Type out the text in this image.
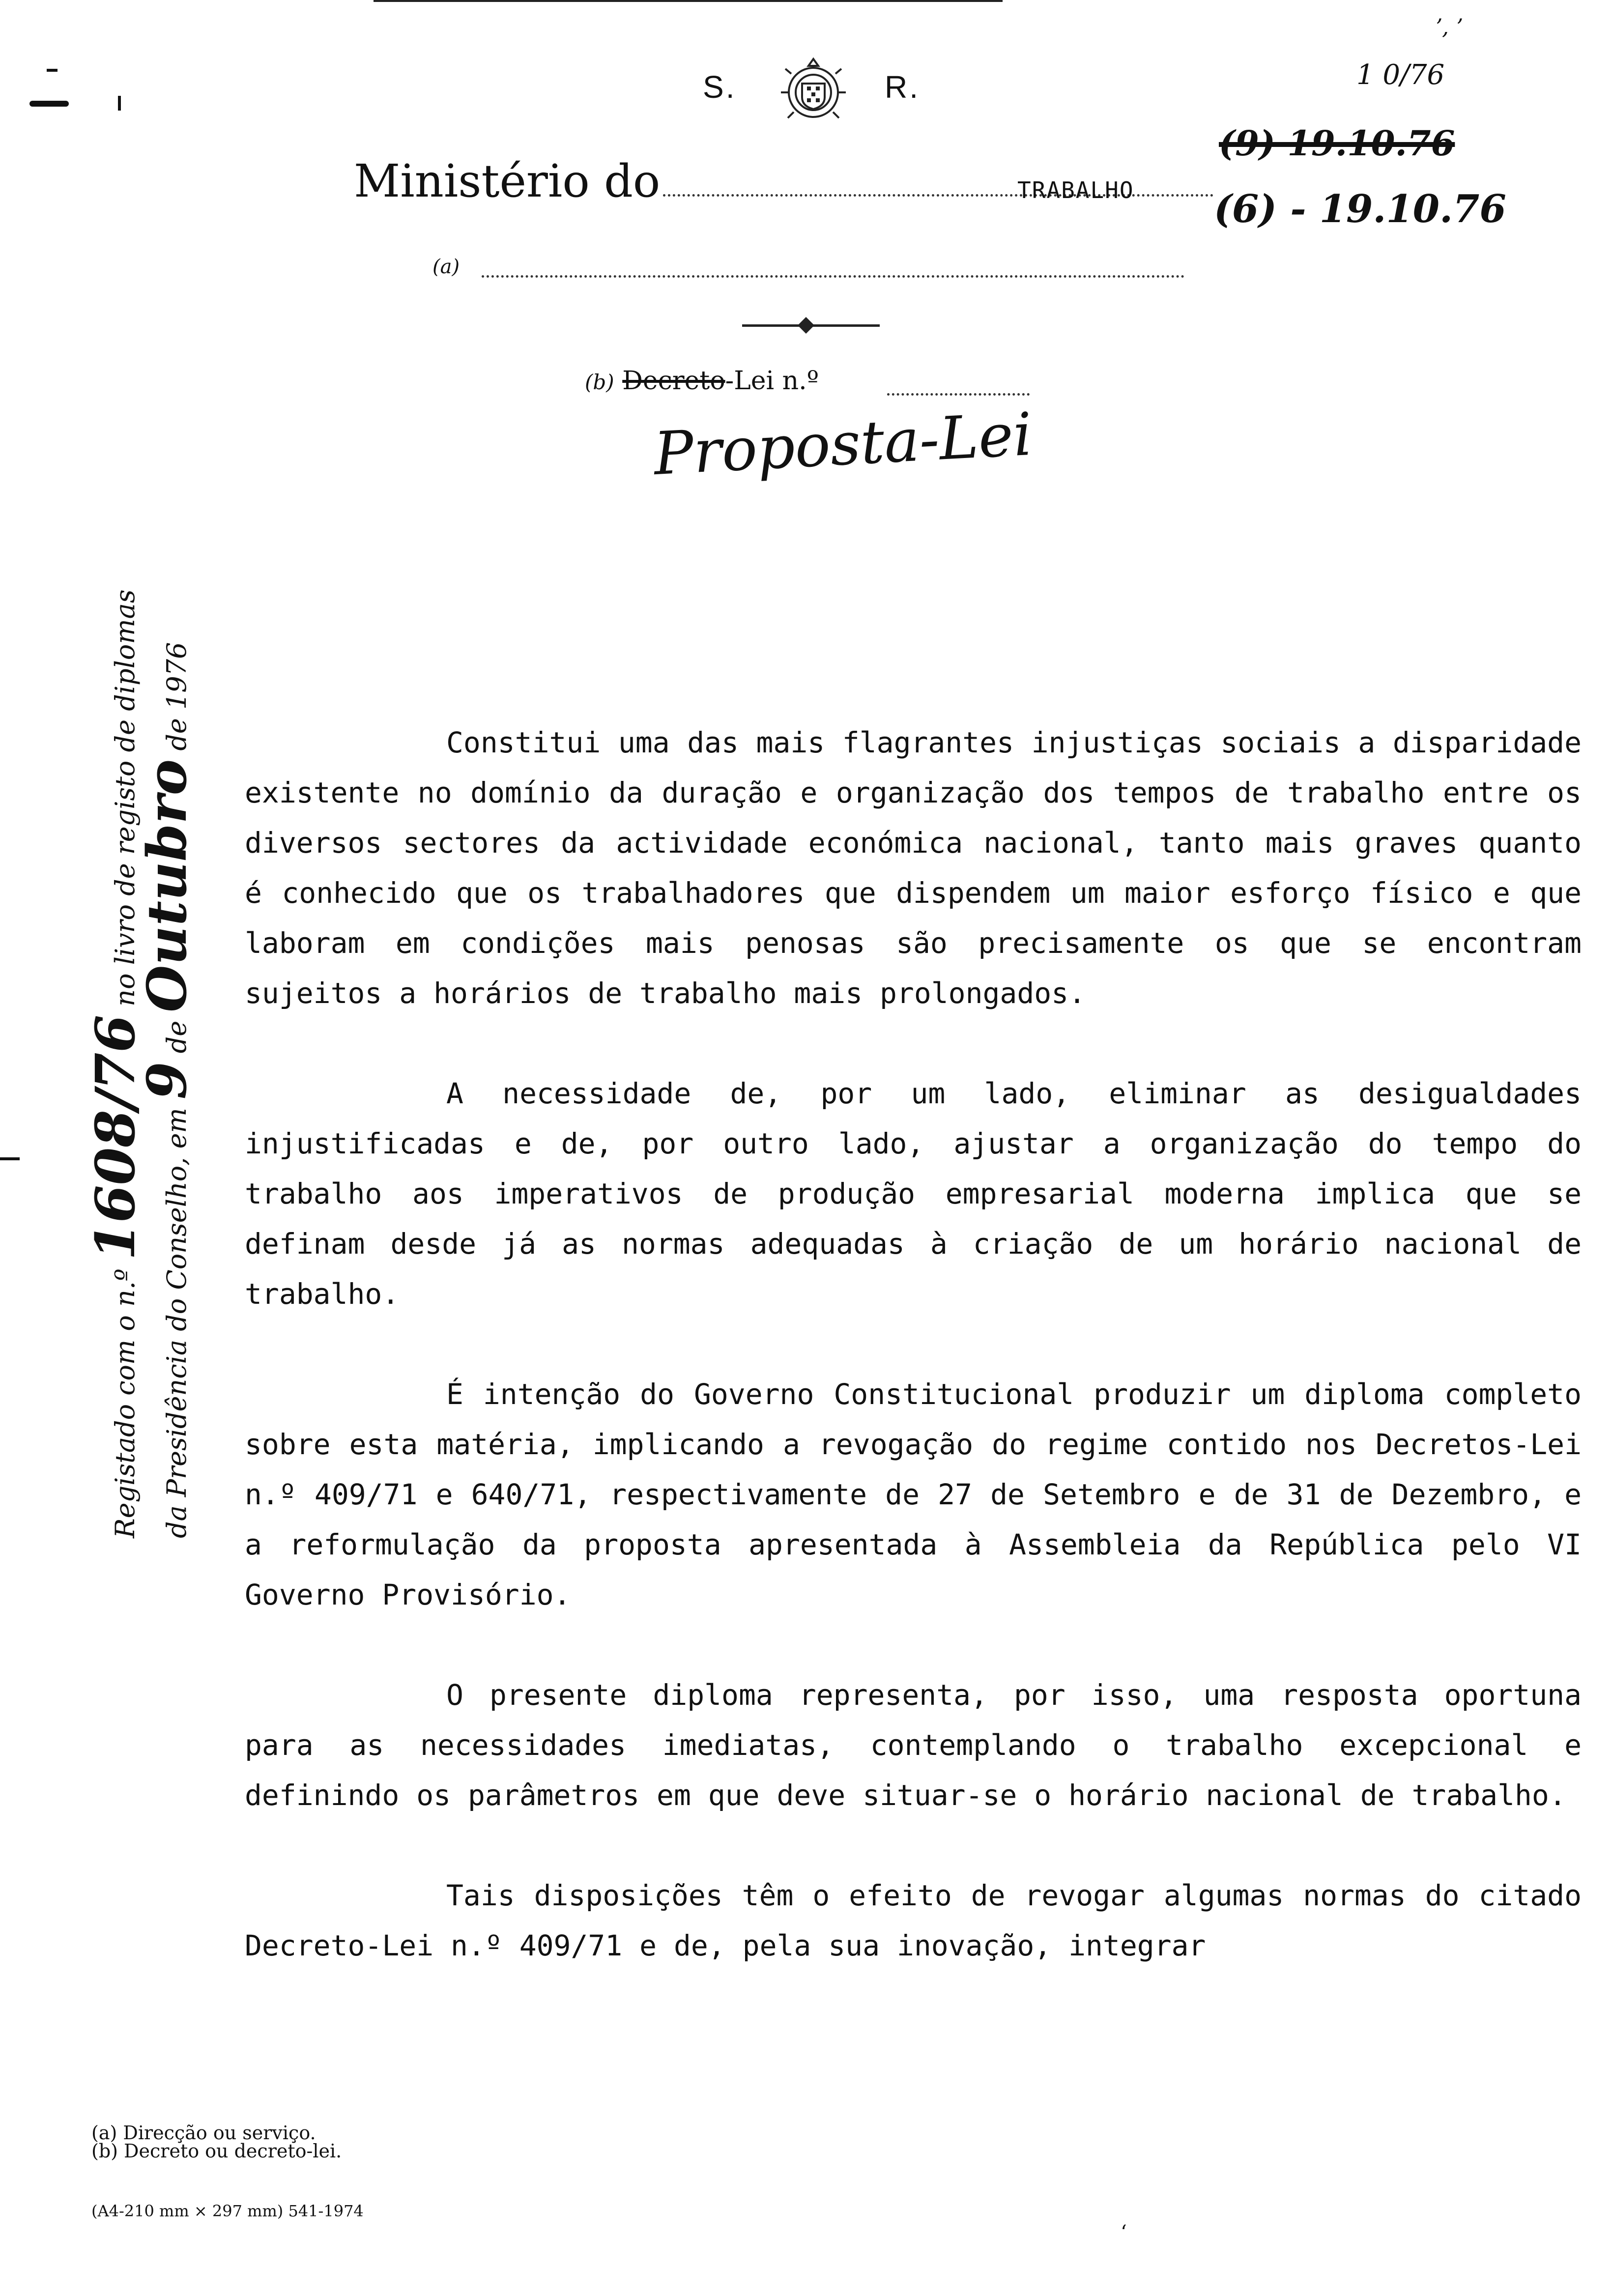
S.	R.
Ministério do	TRABALHO
(a)
(b) Decreto-Lei n.º
Proposta-Lei
(9) 19.10.76
(6) - 19.10.76
1 0/76
ʼ, ʼ
Registado com o n.º 1608/76 no livro de registo de diplomas
da Presidência do Conselho, em 9 de Outubro de 1976	Constitui uma das mais flagrantes injustiças sociais a disparidade existente no domínio da duração e organização dos tempos de trabalho entre os diversos sectores da actividade económica nacional, tanto mais graves quanto é conhecido que os trabalhadores que dispendem um maior esforço físico e que laboram em condições mais penosas são precisamente os que se encontram sujeitos a horários de trabalho mais prolongados.

A necessidade de, por um lado, eliminar as desigualdades injustificadas e de, por outro lado, ajustar a organização do tempo do trabalho aos imperativos de produção empresarial moderna implica que se definam desde já as normas adequadas à criação de um horário nacional de trabalho.

É intenção do Governo Constitucional produzir um diploma completo sobre esta matéria, implicando a revogação do regime contido nos Decretos-Lei n.º 409/71 e 640/71, respectivamente de 27 de Setembro e de 31 de Dezembro, e a reformulação da proposta apresentada à Assembleia da República pelo VI Governo Provisório.

O presente diploma representa, por isso, uma resposta oportuna para as necessidades imediatas, contemplando o trabalho excepcional e definindo os parâmetros em que deve situar-se o horário nacional de trabalho.

Tais disposições têm o efeito de revogar algumas normas do citado Decreto-Lei n.º 409/71 e de, pela sua inovação, integrar

(a) Direcção ou serviço.
(b) Decreto ou decreto-lei.
(A4-210 mm × 297 mm) 541-1974
ʻ
